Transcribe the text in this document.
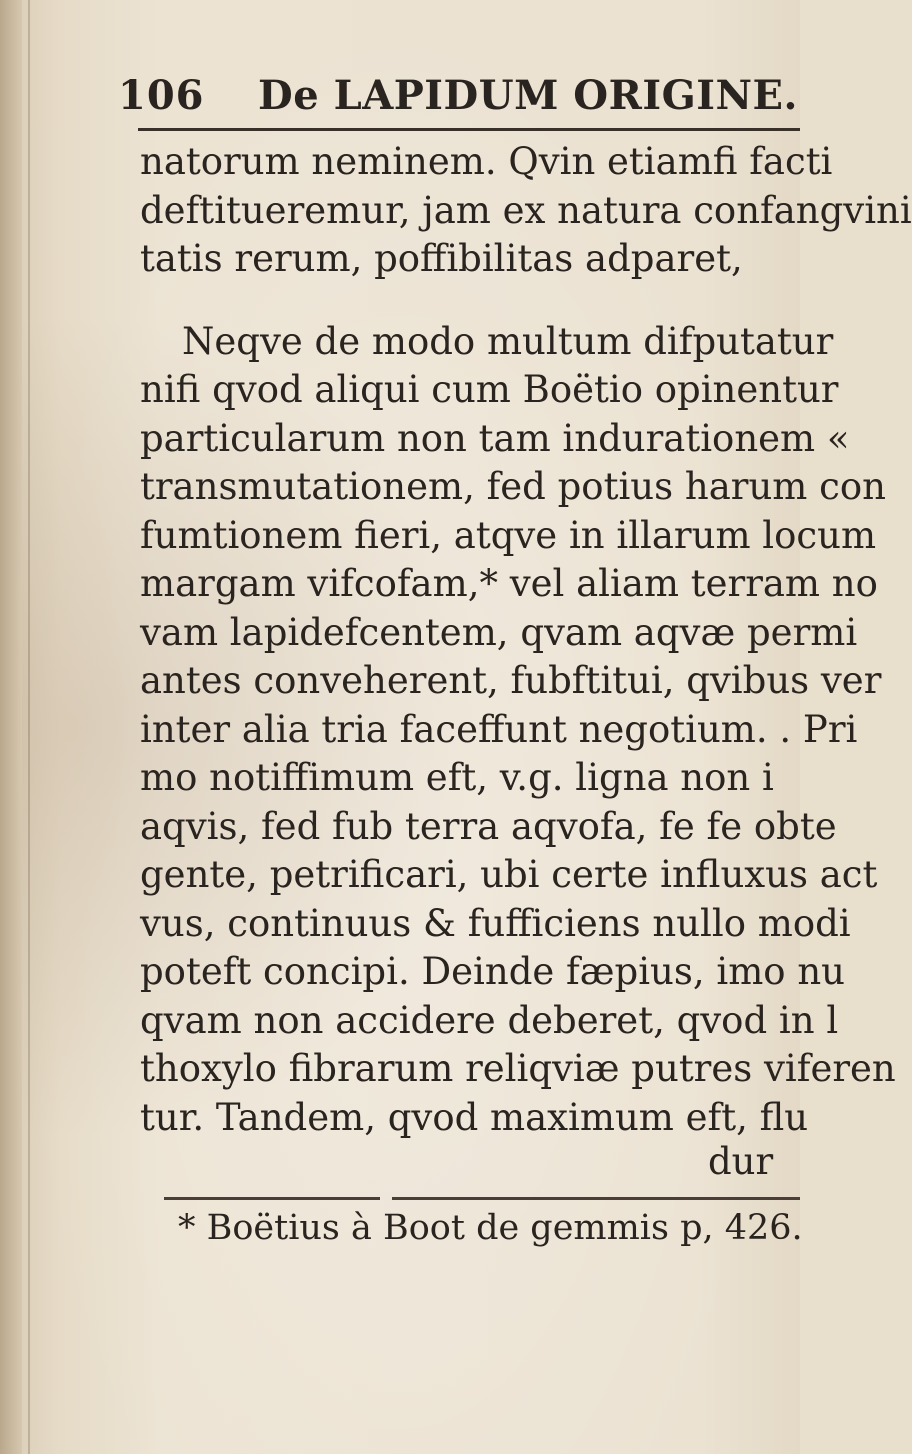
106 De LAPIDUM ORIGINE.
natorum neminem. Qvin etiamfi facti
deftitueremur, jam ex natura confangvini
tatis rerum, poffibilitas adparet,
Neqve de modo multum difputatur
nifi qvod aliqui cum Boëtio opinentur
particularum non tam indurationem «
transmutationem, fed potius harum con
fumtionem fieri, atqve in illarum locum
margam vifcofam,* vel aliam terram no
vam lapidefcentem, qvam aqvæ permi
antes conveherent, fubftitui, qvibus ver
inter alia tria faceffunt negotium. . Pri
mo notiffimum eft, v.g. ligna non i
aqvis, fed fub terra aqvofa, fe fe obte
gente, petrificari, ubi certe influxus act
vus, continuus & fufficiens nullo modi
poteft concipi. Deinde fæpius, imo nu
qvam non accidere deberet, qvod in l
thoxylo fibrarum reliqviæ putres viferen
tur. Tandem, qvod maximum eft, flu
dur
* Boëtius à Boot de gemmis p, 426.
